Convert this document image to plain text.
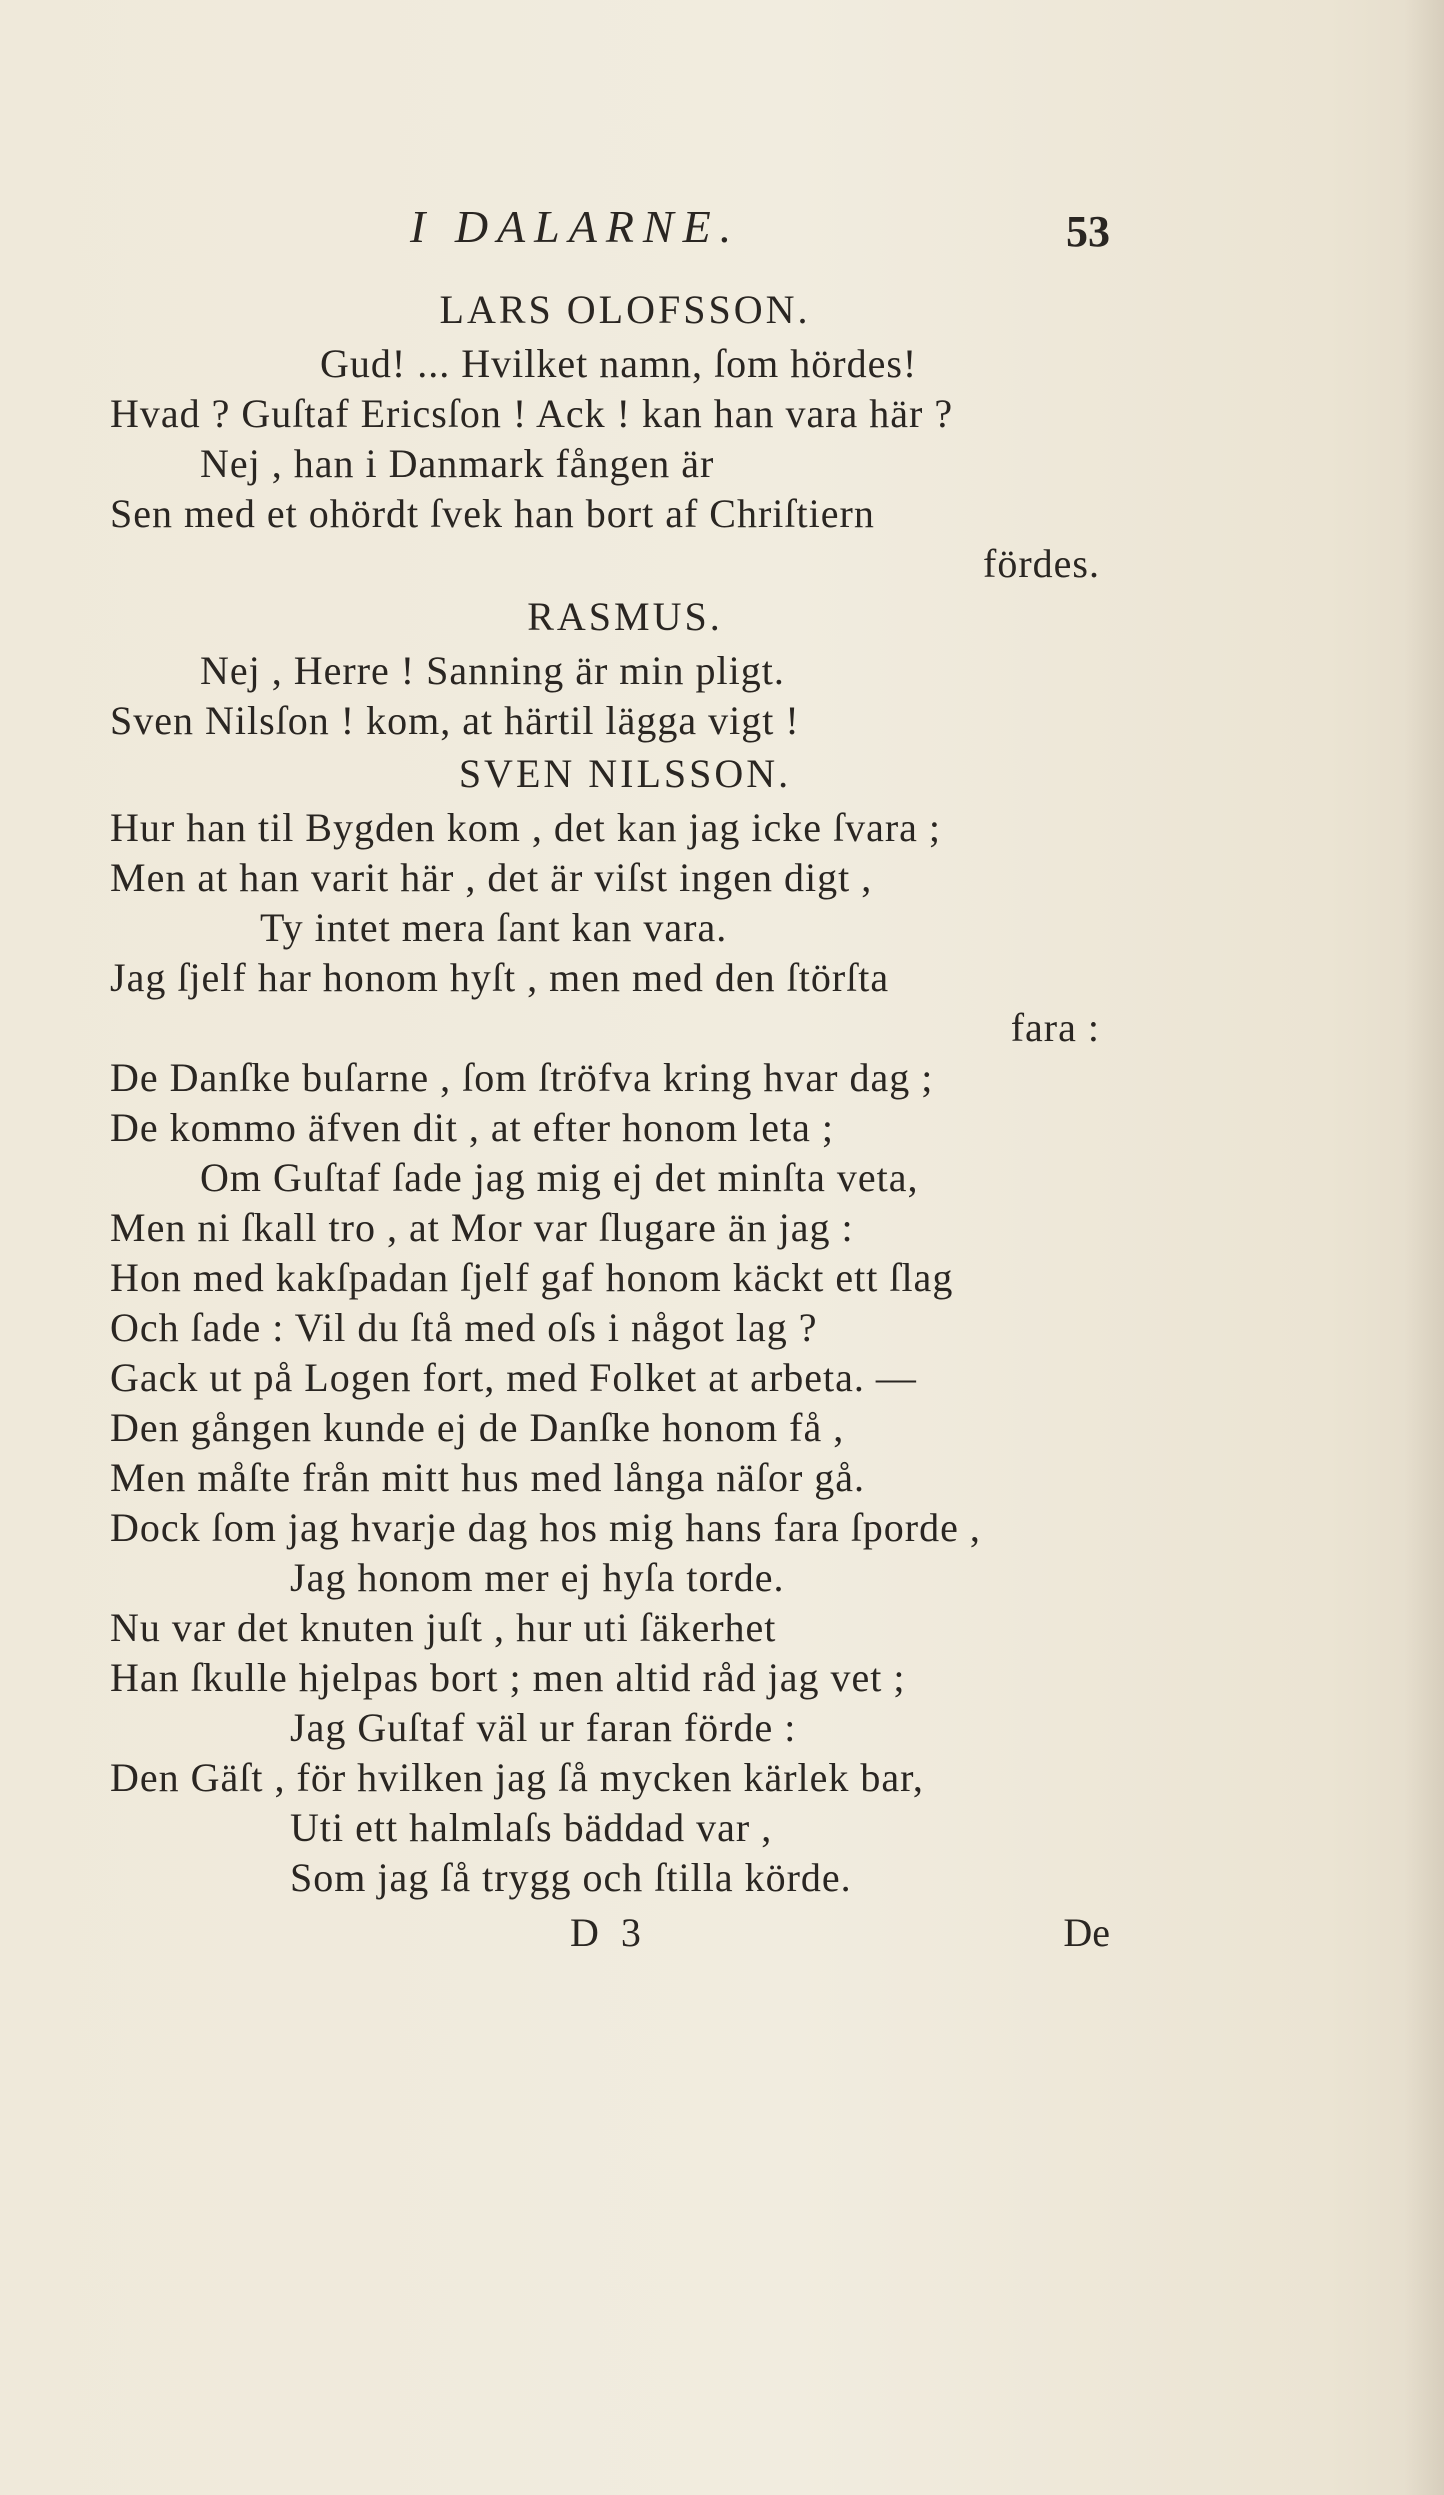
I DALARNE.	53
LARS OLOFSSON.
Gud! ... Hvilket namn, ſom hördes!
Hvad ? Guſtaf Ericsſon ! Ack ! kan han vara här ?
Nej , han i Danmark fången är
Sen med et ohördt ſvek han bort af Chriſtiern
fördes.
RASMUS.
Nej , Herre ! Sanning är min pligt.
Sven Nilsſon ! kom, at härtil lägga vigt !
SVEN NILSSON.
Hur han til Bygden kom , det kan jag icke ſvara ;
Men at han varit här , det är viſst ingen digt ,
Ty intet mera ſant kan vara.
Jag ſjelf har honom hyſt , men med den ſtörſta
fara :
De Danſke buſarne , ſom ſtröfva kring hvar dag ;
De kommo äfven dit , at efter honom leta ;
Om Guſtaf ſade jag mig ej det minſta veta,
Men ni ſkall tro , at Mor var ſlugare än jag :
Hon med kakſpadan ſjelf gaf honom käckt ett ſlag
Och ſade : Vil du ſtå med oſs i något lag ?
Gack ut på Logen fort, med Folket at arbeta. —
Den gången kunde ej de Danſke honom få ,
Men måſte från mitt hus med långa näſor gå.
Dock ſom jag hvarje dag hos mig hans fara ſporde ,
Jag honom mer ej hyſa torde.
Nu var det knuten juſt , hur uti ſäkerhet
Han ſkulle hjelpas bort ; men altid råd jag vet ;
Jag Guſtaf väl ur faran förde :
Den Gäſt , för hvilken jag ſå mycken kärlek bar,
Uti ett halmlaſs bäddad var ,
Som jag ſå trygg och ſtilla körde.
D 3	De
